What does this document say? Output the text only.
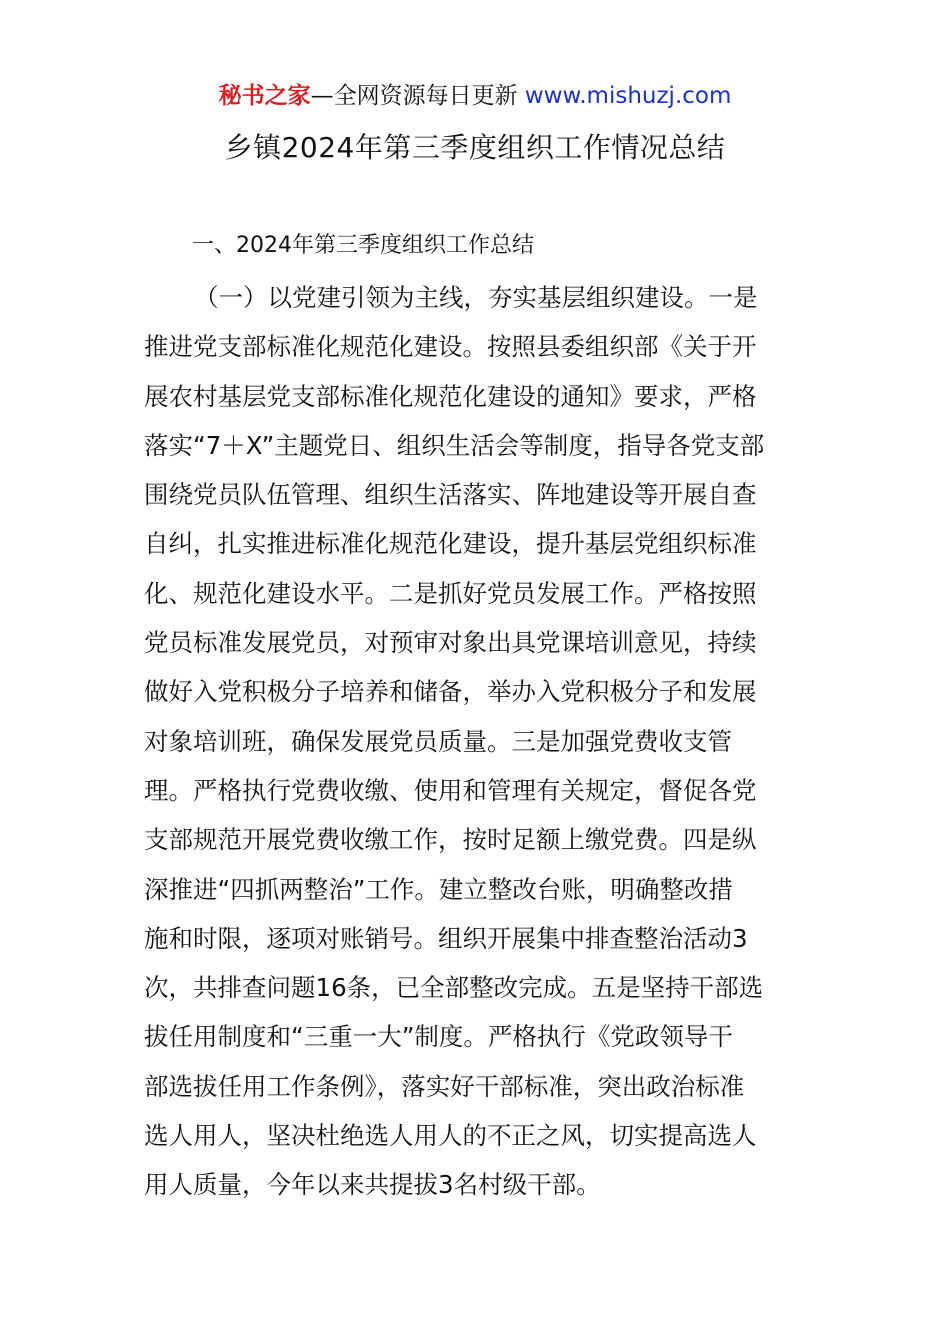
秘书之家—全网资源每日更新 www.mishuzj.com
乡镇2024年第三季度组织工作情况总结
一、2024年第三季度组织工作总结
（一）以党建引领为主线，夯实基层组织建设。一是
推进党支部标准化规范化建设。按照县委组织部《关于开
展农村基层党支部标准化规范化建设的通知》要求，严格
落实“7＋X”主题党日、组织生活会等制度，指导各党支部
围绕党员队伍管理、组织生活落实、阵地建设等开展自查
自纠，扎实推进标准化规范化建设，提升基层党组织标准
化、规范化建设水平。二是抓好党员发展工作。严格按照
党员标准发展党员，对预审对象出具党课培训意见，持续
做好入党积极分子培养和储备，举办入党积极分子和发展
对象培训班，确保发展党员质量。三是加强党费收支管
理。严格执行党费收缴、使用和管理有关规定，督促各党
支部规范开展党费收缴工作，按时足额上缴党费。四是纵
深推进“四抓两整治”工作。建立整改台账，明确整改措
施和时限，逐项对账销号。组织开展集中排查整治活动3
次，共排查问题16条，已全部整改完成。五是坚持干部选
拔任用制度和“三重一大”制度。严格执行《党政领导干
部选拔任用工作条例》，落实好干部标准，突出政治标准
选人用人，坚决杜绝选人用人的不正之风，切实提高选人
用人质量，今年以来共提拔3名村级干部。
